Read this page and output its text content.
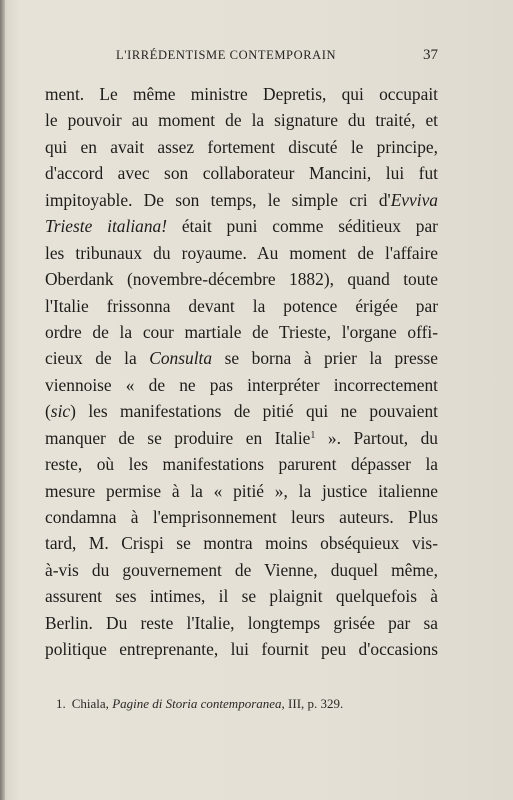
L'IRRÉDENTISME CONTEMPORAIN	37
ment. Le même ministre Depretis, qui occupait
le pouvoir au moment de la signature du traité, et
qui en avait assez fortement discuté le principe,
d'accord avec son collaborateur Mancini, lui fut
impitoyable. De son temps, le simple cri d'Evviva
Trieste italiana! était puni comme séditieux par
les tribunaux du royaume. Au moment de l'affaire
Oberdank (novembre-décembre 1882), quand toute
l'Italie frissonna devant la potence érigée par
ordre de la cour martiale de Trieste, l'organe offi-
cieux de la Consulta se borna à prier la presse
viennoise « de ne pas interpréter incorrectement
(sic) les manifestations de pitié qui ne pouvaient
manquer de se produire en Italie$^1$ ». Partout, du
reste, où les manifestations parurent dépasser la
mesure permise à la « pitié », la justice italienne
condamna à l'emprisonnement leurs auteurs. Plus
tard, M. Crispi se montra moins obséquieux vis-
à-vis du gouvernement de Vienne, duquel même,
assurent ses intimes, il se plaignit quelquefois à
Berlin. Du reste l'Italie, longtemps grisée par sa
politique entreprenante, lui fournit peu d'occasions
1. Chiala, Pagine di Storia contemporanea, III, p. 329.
